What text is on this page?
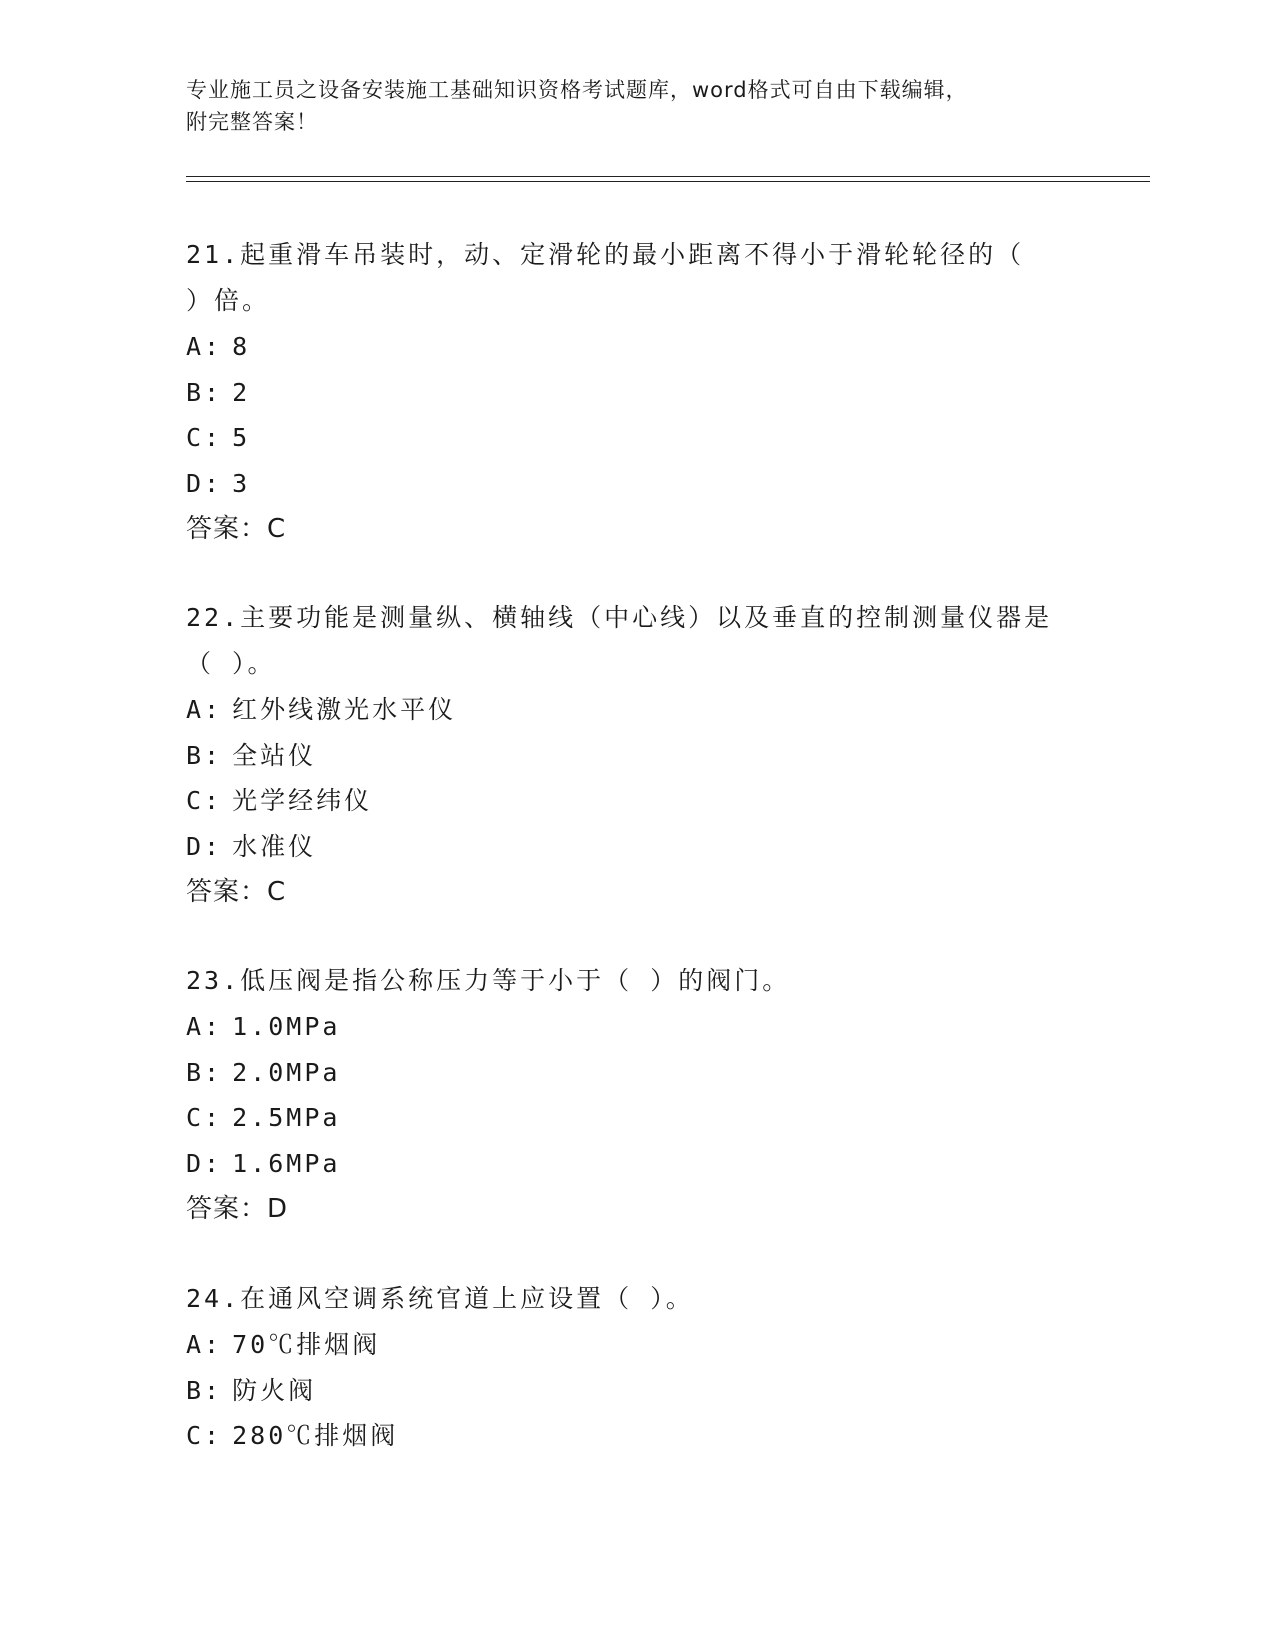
专业施工员之设备安装施工基础知识资格考试题库，word格式可自由下载编辑，
附完整答案！
21.起重滑车吊装时，动、定滑轮的最小距离不得小于滑轮轮径的（
）倍。
A: 8
B: 2
C: 5
D: 3
答案：C
22.主要功能是测量纵、横轴线（中心线）以及垂直的控制测量仪器是
（ ）。
A: 红外线激光水平仪
B: 全站仪
C: 光学经纬仪
D: 水准仪
答案：C
23.低压阀是指公称压力等于小于（ ）的阀门。
A: 1.0MPa
B: 2.0MPa
C: 2.5MPa
D: 1.6MPa
答案：D
24.在通风空调系统官道上应设置（ ）。
A: 70℃排烟阀
B: 防火阀
C: 280℃排烟阀
